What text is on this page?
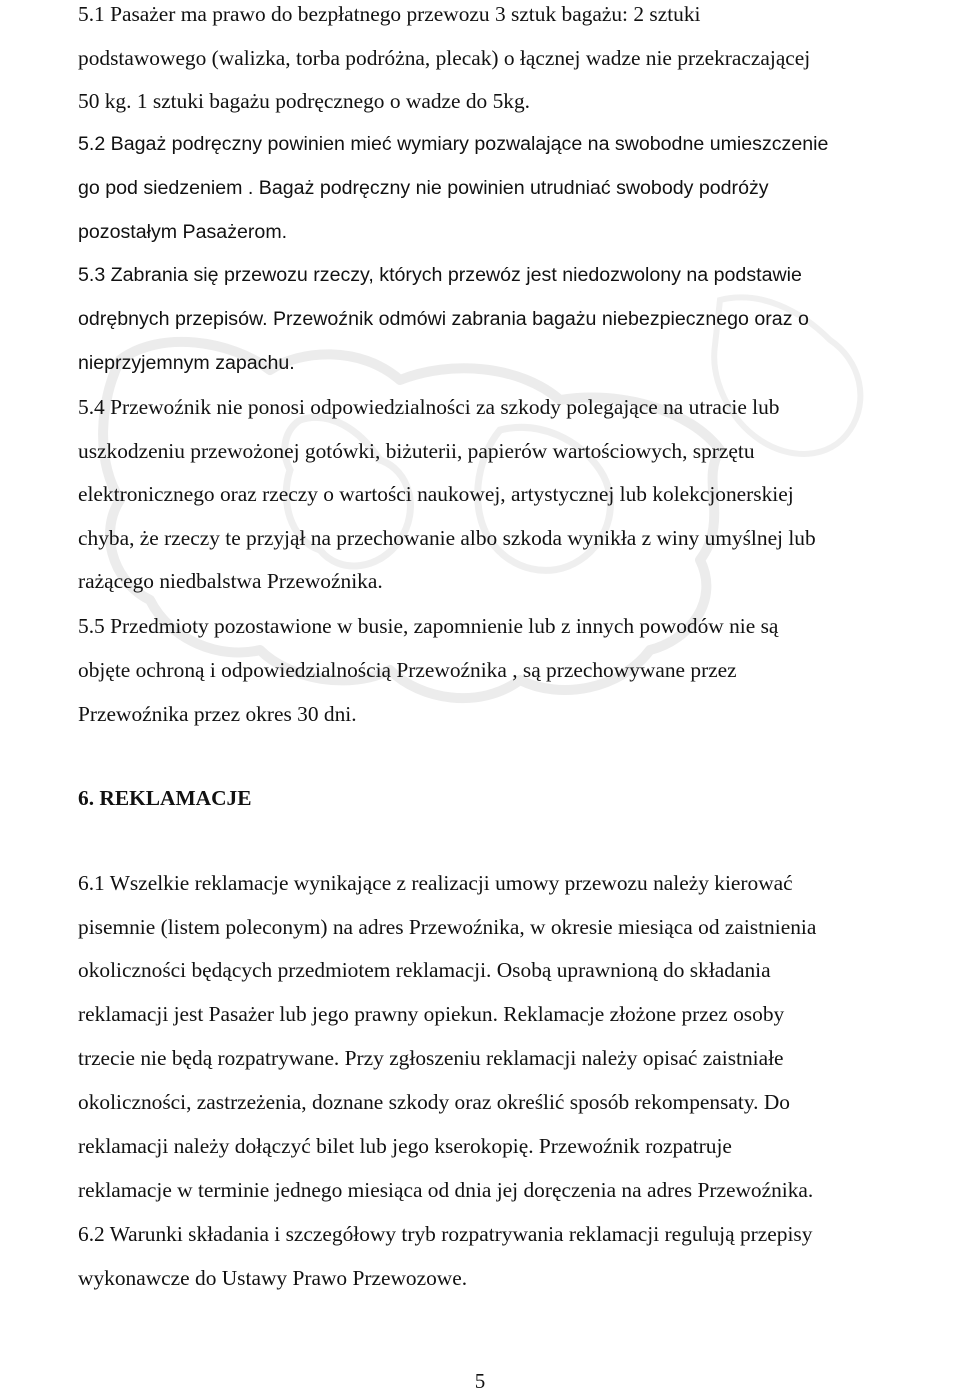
5.1 Pasażer ma prawo do bezpłatnego przewozu 3 sztuk bagażu: 2 sztuki

podstawowego (walizka, torba podróżna, plecak) o łącznej wadze nie przekraczającej

50 kg. 1 sztuki bagażu podręcznego o wadze do 5kg.

5.2 Bagaż podręczny powinien mieć wymiary pozwalające na swobodne umieszczenie

go pod siedzeniem . Bagaż podręczny nie powinien utrudniać swobody podróży

pozostałym Pasażerom.

5.3 Zabrania się przewozu rzeczy, których przewóz jest niedozwolony na podstawie

odrębnych przepisów. Przewoźnik odmówi zabrania bagażu niebezpiecznego oraz o

nieprzyjemnym zapachu.

5.4 Przewoźnik nie ponosi odpowiedzialności za szkody polegające na utracie lub

uszkodzeniu przewożonej gotówki, biżuterii, papierów wartościowych, sprzętu

elektronicznego oraz rzeczy o wartości naukowej, artystycznej lub kolekcjonerskiej

chyba, że rzeczy te przyjął na przechowanie albo szkoda wynikła z winy umyślnej lub

rażącego niedbalstwa Przewoźnika.

5.5 Przedmioty pozostawione w busie, zapomnienie lub z innych powodów nie są

objęte ochroną i odpowiedzialnością Przewoźnika , są przechowywane przez

Przewoźnika przez okres 30 dni.

6. REKLAMACJE

6.1 Wszelkie reklamacje wynikające z realizacji umowy przewozu należy kierować

pisemnie (listem poleconym) na adres Przewoźnika, w okresie miesiąca od zaistnienia

okoliczności będących przedmiotem reklamacji. Osobą uprawnioną do składania

reklamacji jest Pasażer lub jego prawny opiekun. Reklamacje złożone przez osoby

trzecie nie będą rozpatrywane. Przy zgłoszeniu reklamacji należy opisać zaistniałe

okoliczności, zastrzeżenia, doznane szkody oraz określić sposób rekompensaty. Do

reklamacji należy dołączyć bilet lub jego kserokopię. Przewoźnik rozpatruje

reklamacje w terminie jednego miesiąca od dnia jej doręczenia na adres Przewoźnika.

6.2 Warunki składania i szczegółowy tryb rozpatrywania reklamacji regulują przepisy

wykonawcze do Ustawy Prawo Przewozowe.

5
